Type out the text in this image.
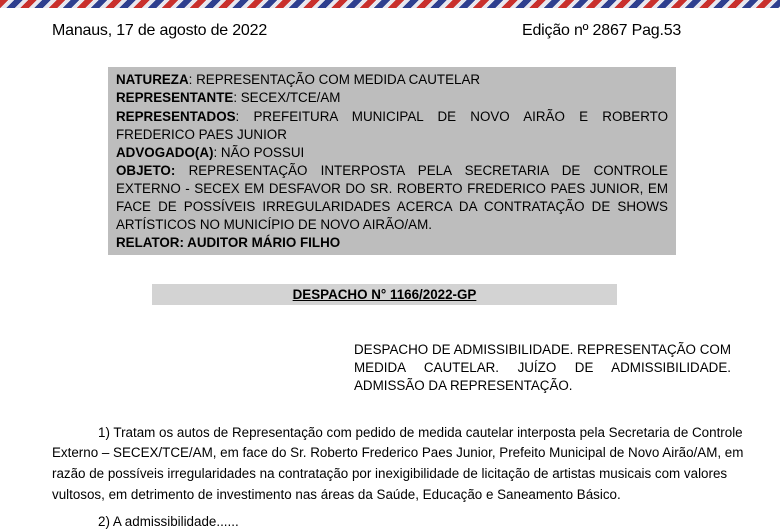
Manaus, 17 de agosto de 2022	Edição nº 2867 Pag.53
NATUREZA: REPRESENTAÇÃO COM MEDIDA CAUTELAR
REPRESENTANTE: SECEX/TCE/AM
REPRESENTADOS: PREFEITURA MUNICIPAL DE NOVO AIRÃO E ROBERTO
FREDERICO PAES JUNIOR
ADVOGADO(A): NÃO POSSUI
OBJETO: REPRESENTAÇÃO INTERPOSTA PELA SECRETARIA DE CONTROLE
EXTERNO - SECEX EM DESFAVOR DO SR. ROBERTO FREDERICO PAES JUNIOR, EM
FACE DE POSSÍVEIS IRREGULARIDADES ACERCA DA CONTRATAÇÃO DE SHOWS
ARTÍSTICOS NO MUNICÍPIO DE NOVO AIRÃO/AM.
RELATOR: AUDITOR MÁRIO FILHO
DESPACHO N° 1166/2022-GP
DESPACHO DE ADMISSIBILIDADE. REPRESENTAÇÃO COM
MEDIDA CAUTELAR. JUÍZO DE ADMISSIBILIDADE.
ADMISSÃO DA REPRESENTAÇÃO.
1) Tratam os autos de Representação com pedido de medida cautelar interposta pela Secretaria de Controle
Externo – SECEX/TCE/AM, em face do Sr. Roberto Frederico Paes Junior, Prefeito Municipal de Novo Airão/AM, em
razão de possíveis irregularidades na contratação por inexigibilidade de licitação de artistas musicais com valores
vultosos, em detrimento de investimento nas áreas da Saúde, Educação e Saneamento Básico.
2) A admissibilidade......
